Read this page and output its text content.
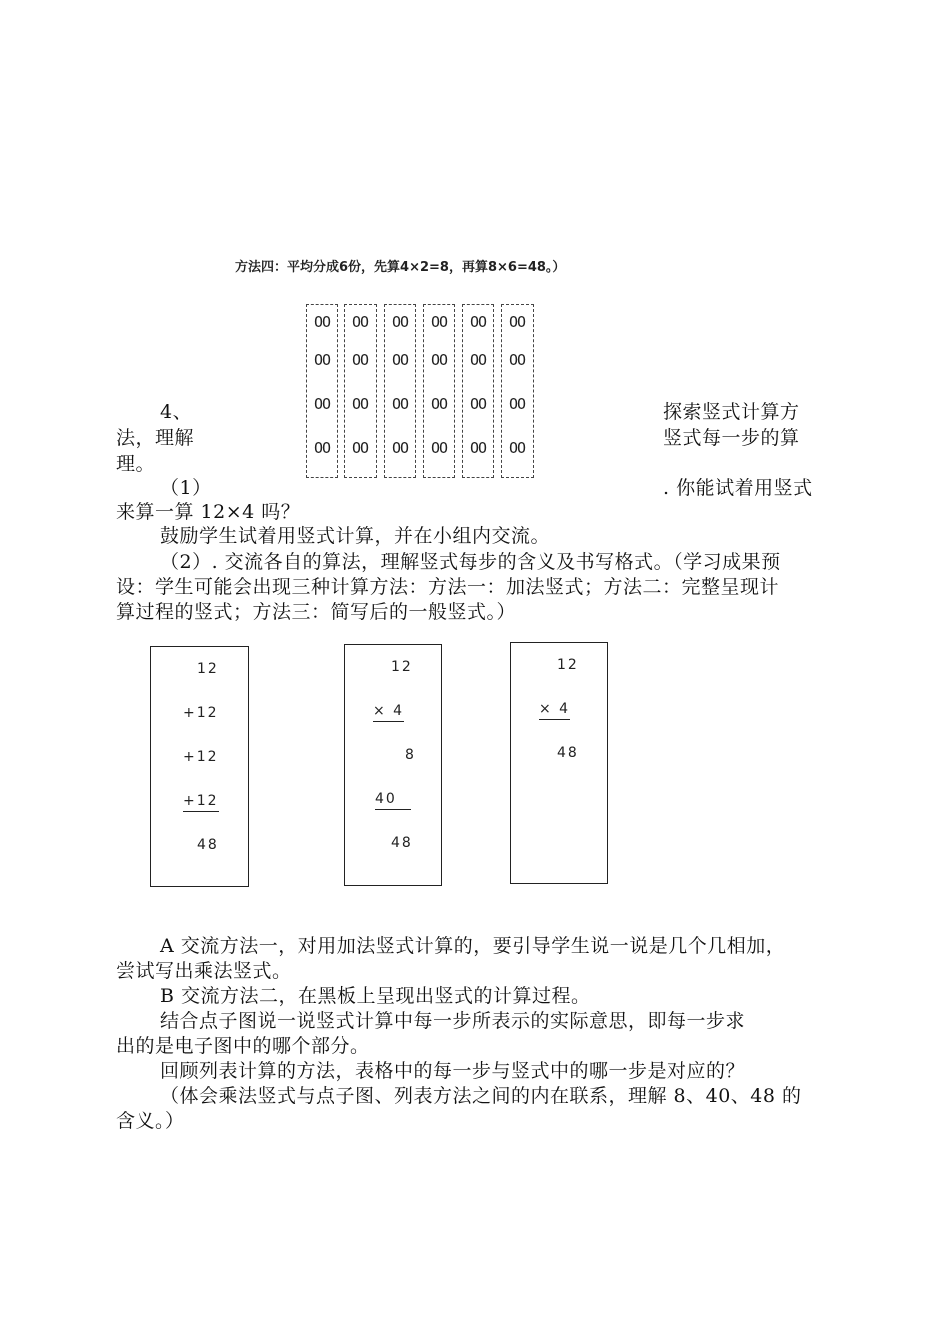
方法四：平均分成6份，先算4×2=8，再算8×6=48。）
OO
OO
OO
OO
OO
OO
OO
OO
OO
OO
OO
OO
OO
OO
OO
OO
OO
OO
OO
OO
OO
OO
OO
OO
4、	探索竖式计算方
法，理解	竖式每一步的算
理。
（1）	. 你能试着用竖式
来算一算 12×4 吗？
鼓励学生试着用竖式计算，并在小组内交流。
（2）. 交流各自的算法，理解竖式每步的含义及书写格式。（学习成果预
设：学生可能会出现三种计算方法：方法一：加法竖式；方法二：完整呈现计
算过程的竖式；方法三：简写后的一般竖式。）
12
+12
+12
+12
48
12
× 4
8
40
48
12
× 4
48
A 交流方法一，对用加法竖式计算的，要引导学生说一说是几个几相加，
尝试写出乘法竖式。
B 交流方法二，在黑板上呈现出竖式的计算过程。
结合点子图说一说竖式计算中每一步所表示的实际意思，即每一步求
出的是电子图中的哪个部分。
回顾列表计算的方法，表格中的每一步与竖式中的哪一步是对应的？
（体会乘法竖式与点子图、列表方法之间的内在联系，理解 8、40、48 的
含义。）
